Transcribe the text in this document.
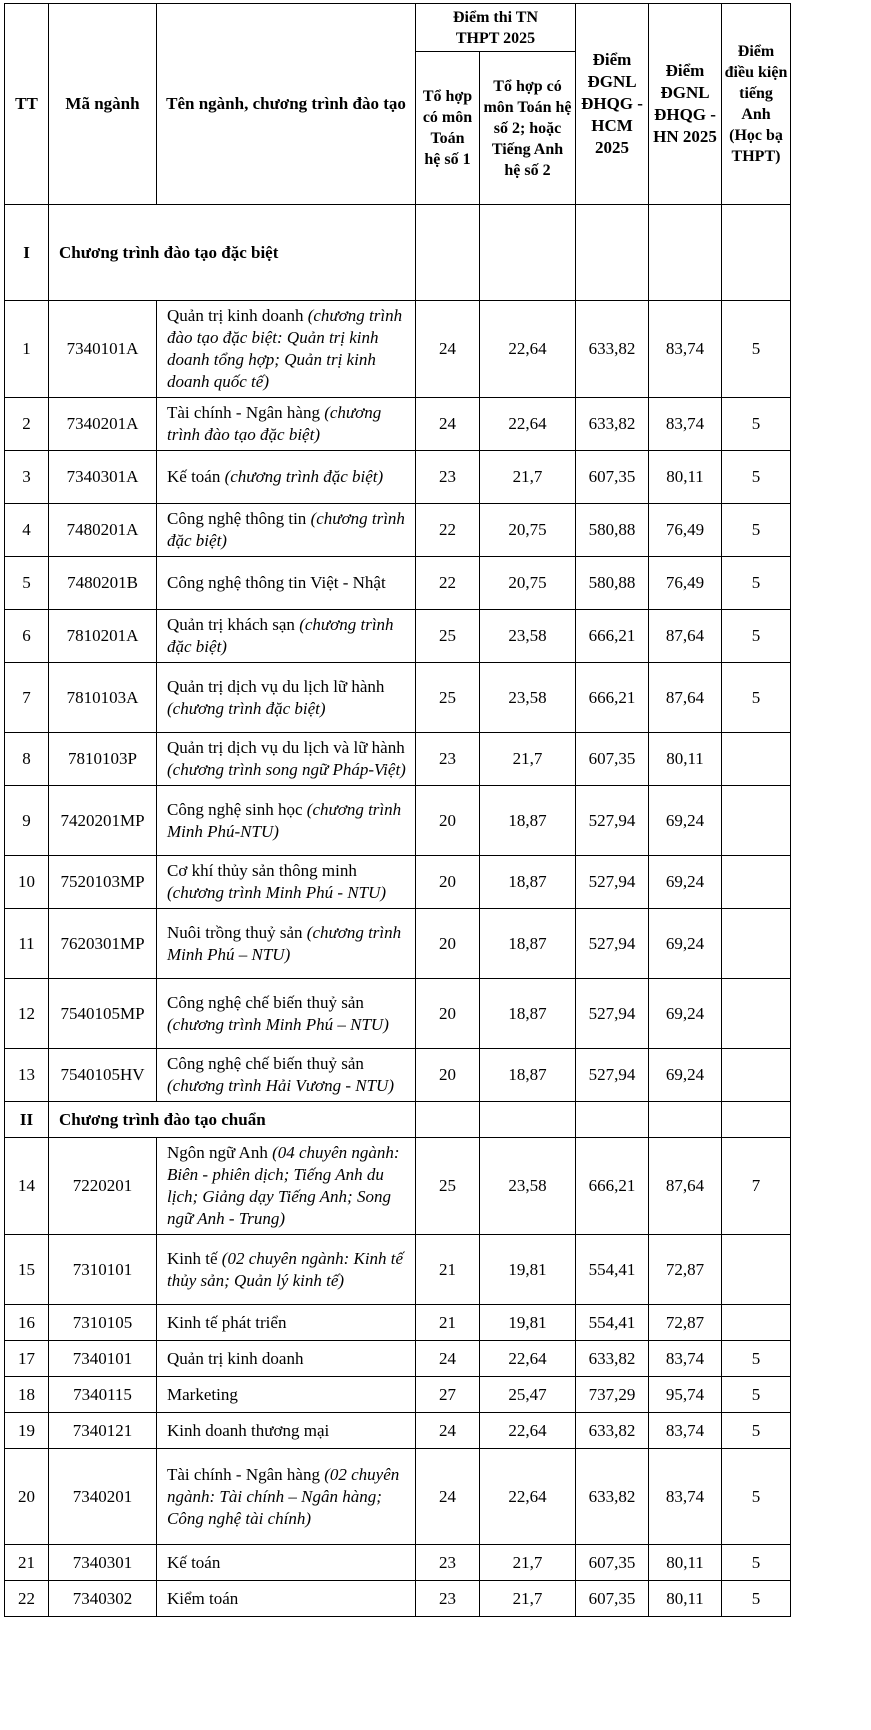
TT	Mã ngành	Tên ngành, chương trình đào tạo	Điểm thi TN THPT 2025		Điểm ĐGNL ĐHQG -HCM 2025	Điểm ĐGNL ĐHQG -HN 2025	Điểm điều kiện tiếng Anh (Học bạ THPT)
			Tổ hợp có môn Toán hệ số 1	Tổ hợp có môn Toán hệ số 2; hoặc Tiếng Anh hệ số 2			
I	Chương trình đào tạo đặc biệt						
1	7340101A	Quản trị kinh doanh (chương trình đào tạo đặc biệt: Quản trị kinh doanh tổng hợp; Quản trị kinh doanh quốc tế)	24	22,64	633,82	83,74	5
2	7340201A	Tài chính - Ngân hàng (chương trình đào tạo đặc biệt)	24	22,64	633,82	83,74	5
3	7340301A	Kế toán (chương trình đặc biệt)	23	21,7	607,35	80,11	5
4	7480201A	Công nghệ thông tin (chương trình đặc biệt)	22	20,75	580,88	76,49	5
5	7480201B	Công nghệ thông tin Việt - Nhật	22	20,75	580,88	76,49	5
6	7810201A	Quản trị khách sạn (chương trình đặc biệt)	25	23,58	666,21	87,64	5
7	7810103A	Quản trị dịch vụ du lịch lữ hành (chương trình đặc biệt)	25	23,58	666,21	87,64	5
8	7810103P	Quản trị dịch vụ du lịch và lữ hành (chương trình song ngữ Pháp-Việt)	23	21,7	607,35	80,11	
9	7420201MP	Công nghệ sinh học (chương trình Minh Phú-NTU)	20	18,87	527,94	69,24	
10	7520103MP	Cơ khí thủy sản thông minh (chương trình Minh Phú - NTU)	20	18,87	527,94	69,24	
11	7620301MP	Nuôi trồng thuỷ sản (chương trình Minh Phú – NTU)	20	18,87	527,94	69,24	
12	7540105MP	Công nghệ chế biến thuỷ sản (chương trình Minh Phú – NTU)	20	18,87	527,94	69,24	
13	7540105HV	Công nghệ chế biến thuỷ sản (chương trình Hải Vương - NTU)	20	18,87	527,94	69,24	
II	Chương trình đào tạo chuẩn						
14	7220201	Ngôn ngữ Anh (04 chuyên ngành: Biên - phiên dịch; Tiếng Anh du lịch; Giảng dạy Tiếng Anh; Song ngữ Anh - Trung)	25	23,58	666,21	87,64	7
15	7310101	Kinh tế (02 chuyên ngành: Kinh tế thủy sản; Quản lý kinh tế)	21	19,81	554,41	72,87	
16	7310105	Kinh tế phát triển	21	19,81	554,41	72,87	
17	7340101	Quản trị kinh doanh	24	22,64	633,82	83,74	5
18	7340115	Marketing	27	25,47	737,29	95,74	5
19	7340121	Kinh doanh thương mại	24	22,64	633,82	83,74	5
20	7340201	Tài chính - Ngân hàng (02 chuyên ngành: Tài chính – Ngân hàng; Công nghệ tài chính)	24	22,64	633,82	83,74	5
21	7340301	Kế toán	23	21,7	607,35	80,11	5
22	7340302	Kiểm toán	23	21,7	607,35	80,11	5
